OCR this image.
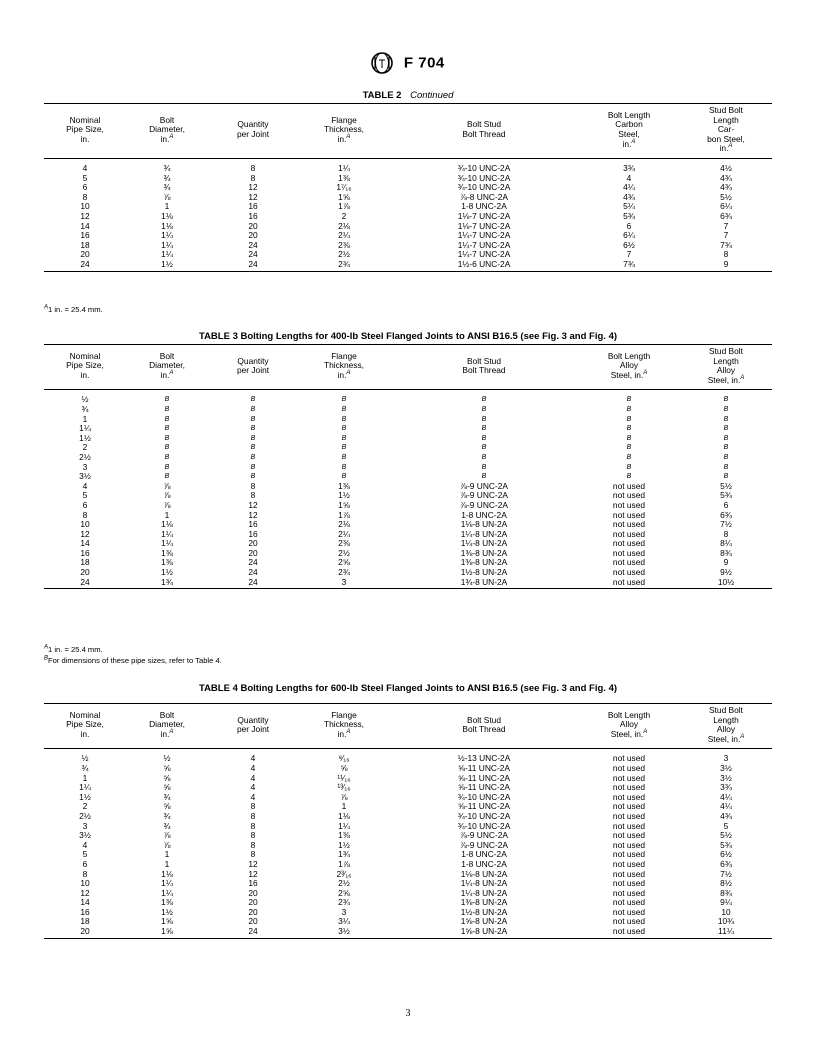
F 704
TABLE 2 Continued
Nominal
Pipe Size,
in.	Bolt
Diameter,
in.$^A$	Quantity
per Joint	Flange
Thickness,
in.$^A$	Bolt Stud
Bolt Thread	Bolt Length
Carbon
Steel,
in.$^A$	Stud Bolt
Length
Car-
bon Steel,
in.$^A$
4	¾	8	1¼	¾-10 UNC-2A	3¾	4½
5	¾	8	1⅜	¾-10 UNC-2A	4	4¾
6	¾	12	1⁷⁄₁₆	¾-10 UNC-2A	4¼	4¾
8	⅞	12	1⅝	⅞-8 UNC-2A	4¾	5½
10	1	16	1⅞	1-8 UNC-2A	5¼	6¼
12	1⅛	16	2	1⅛-7 UNC-2A	5¾	6¾
14	1⅛	20	2⅛	1⅛-7 UNC-2A	6	7
16	1¼	20	2¼	1¼-7 UNC-2A	6¼	7
18	1¼	24	2⅜	1¼-7 UNC-2A	6½	7¾
20	1¼	24	2½	1¼-7 UNC-2A	7	8
24	1½	24	2¾	1½-6 UNC-2A	7¾	9
$^A$1 in. = 25.4 mm.
TABLE 3 Bolting Lengths for 400-lb Steel Flanged Joints to ANSI B16.5 (see Fig. 3 and Fig. 4)
Nominal
Pipe Size,
in.	Bolt
Diameter,
in.$^A$	Quantity
per Joint	Flange
Thickness,
in.$^A$	Bolt Stud
Bolt Thread	Bolt Length
Alloy
Steel, in.$^A$	Stud Bolt
Length
Alloy
Steel, in.$^A$
½	B	B	B	B	B	B
¾	B	B	B	B	B	B
1	B	B	B	B	B	B
1¼	B	B	B	B	B	B
1½	B	B	B	B	B	B
2	B	B	B	B	B	B
2½	B	B	B	B	B	B
3	B	B	B	B	B	B
3½	B	B	B	B	B	B
4	⅞	8	1⅜	⅞-9 UNC-2A	not used	5½
5	⅞	8	1½	⅞-9 UNC-2A	not used	5¾
6	⅞	12	1⅝	⅞-9 UNC-2A	not used	6
8	1	12	1⅞	1-8 UNC-2A	not used	6¾
10	1⅛	16	2⅛	1⅛-8 UN-2A	not used	7½
12	1¼	16	2¼	1¼-8 UN-2A	not used	8
14	1¼	20	2⅜	1¼-8 UN-2A	not used	8¼
16	1⅜	20	2½	1⅜-8 UN-2A	not used	8¾
18	1⅜	24	2⅝	1⅜-8 UN-2A	not used	9
20	1½	24	2¾	1½-8 UN-2A	not used	9½
24	1¾	24	3	1¾-8 UN-2A	not used	10½
$^A$1 in. = 25.4 mm.
$^B$For dimensions of these pipe sizes, refer to Table 4.
TABLE 4 Bolting Lengths for 600-lb Steel Flanged Joints to ANSI B16.5 (see Fig. 3 and Fig. 4)
Nominal
Pipe Size,
in.	Bolt
Diameter,
in.$^A$	Quantity
per Joint	Flange
Thickness,
in.$^A$	Bolt Stud
Bolt Thread	Bolt Length
Alloy
Steel, in.$^A$	Stud Bolt
Length
Alloy
Steel, in.$^A$
½	½	4	⁹⁄₁₆	½-13 UNC-2A	not used	3
¾	⅝	4	⅝	⅝-11 UNC-2A	not used	3½
1	⅝	4	¹¹⁄₁₆	⅝-11 UNC-2A	not used	3½
1¼	⅝	4	¹³⁄₁₆	⅝-11 UNC-2A	not used	3¾
1½	¾	4	⅞	¾-10 UNC-2A	not used	4¼
2	⅝	8	1	⅝-11 UNC-2A	not used	4¼
2½	¾	8	1⅛	¾-10 UNC-2A	not used	4¾
3	¾	8	1¼	¾-10 UNC-2A	not used	5
3½	⅞	8	1⅜	⅞-9 UNC-2A	not used	5½
4	⅞	8	1½	⅞-9 UNC-2A	not used	5¾
5	1	8	1¾	1-8 UNC-2A	not used	6½
6	1	12	1⅞	1-8 UNC-2A	not used	6¾
8	1⅛	12	2³⁄₁₆	1⅛-8 UN-2A	not used	7½
10	1¼	16	2½	1¼-8 UN-2A	not used	8½
12	1¼	20	2⅝	1¼-8 UN-2A	not used	8¾
14	1⅜	20	2¾	1⅜-8 UN-2A	not used	9¼
16	1½	20	3	1½-8 UN-2A	not used	10
18	1⅝	20	3¼	1⅝-8 UN-2A	not used	10¾
20	1⅝	24	3½	1⅝-8 UN-2A	not used	11¼
3
